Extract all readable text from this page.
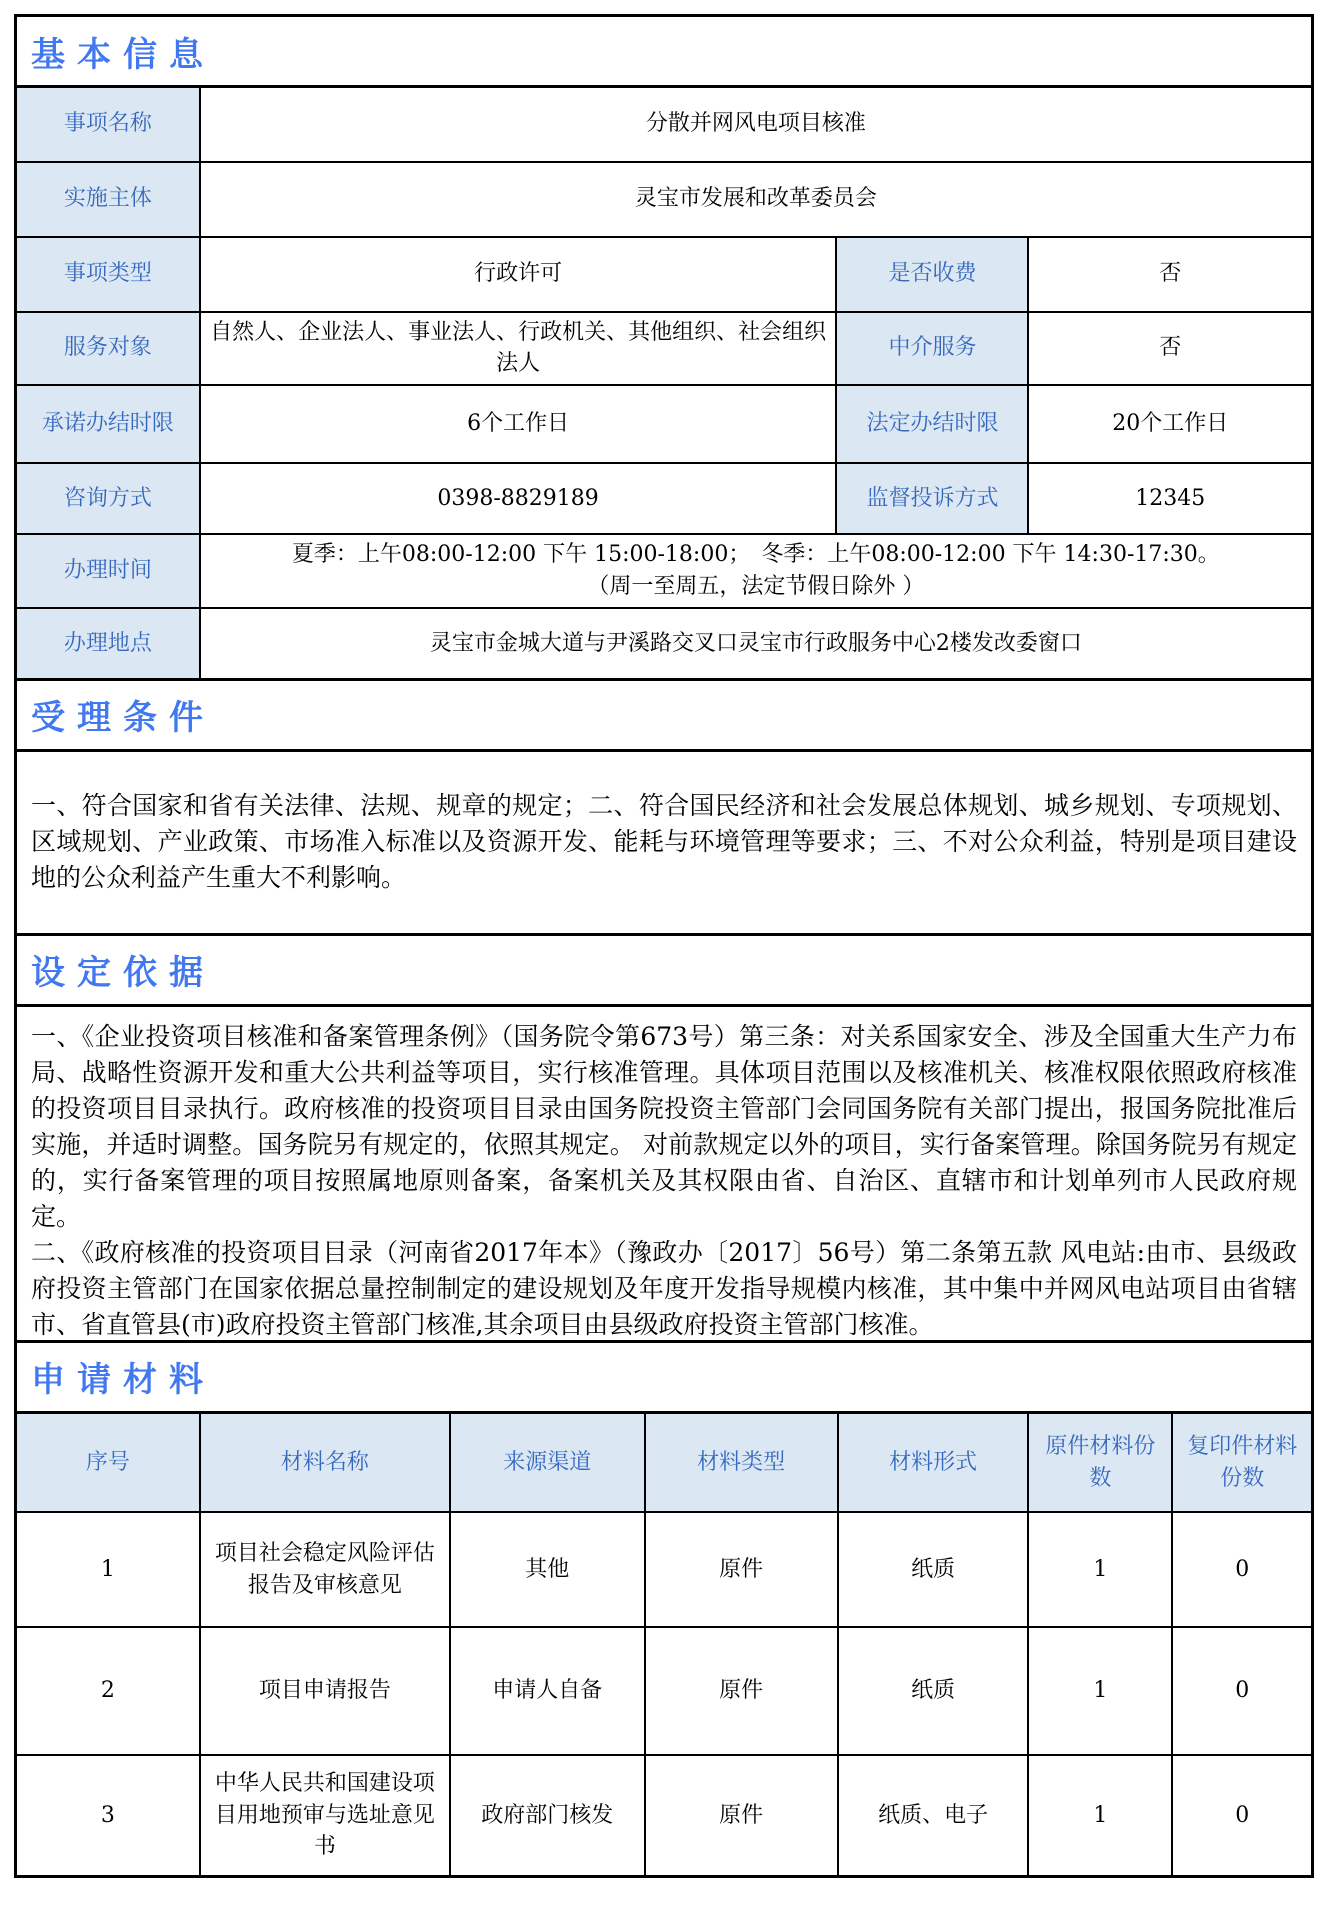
基本信息
事项名称	分散并网风电项目核准		
实施主体	灵宝市发展和改革委员会		
事项类型	行政许可	是否收费	否
服务对象	自然人、企业法人、事业法人、行政机关、其他组织、社会组织法人	中介服务	否
承诺办结时限	6个工作日	法定办结时限	20个工作日
咨询方式	0398-8829189	监督投诉方式	12345
办理时间	夏季：上午08:00-12:00 下午 15:00-18:00；　冬季：上午08:00-12:00 下午 14:30-17:30。
（周一至周五，法定节假日除外 ）		

办理地点	灵宝市金城大道与尹溪路交叉口灵宝市行政服务中心2楼发改委窗口		
受理条件

一、符合国家和省有关法律、法规、规章的规定；二、符合国民经济和社会发展总体规划、城乡规划、专项规划、区域规划、产业政策、市场准入标准以及资源开发、能耗与环境管理等要求；三、不对公众利益，特别是项目建设地的公众利益产生重大不利影响。

设定依据

一、《企业投资项目核准和备案管理条例》（国务院令第673号）第三条：对关系国家安全、涉及全国重大生产力布局、战略性资源开发和重大公共利益等项目，实行核准管理。具体项目范围以及核准机关、核准权限依照政府核准的投资项目目录执行。政府核准的投资项目目录由国务院投资主管部门会同国务院有关部门提出，报国务院批准后实施，并适时调整。国务院另有规定的，依照其规定。 对前款规定以外的项目，实行备案管理。除国务院另有规定的，实行备案管理的项目按照属地原则备案，备案机关及其权限由省、自治区、直辖市和计划单列市人民政府规定。

二、《政府核准的投资项目目录（河南省2017年本》（豫政办〔2017〕56号）第二条第五款 风电站:由市、县级政府投资主管部门在国家依据总量控制制定的建设规划及年度开发指导规模内核准，其中集中并网风电站项目由省辖市、省直管县(市)政府投资主管部门核准,其余项目由县级政府投资主管部门核准。

申请材料
序号	材料名称	来源渠道	材料类型	材料形式	原件材料份数	复印件材料份数
1	项目社会稳定风险评估报告及审核意见	其他	原件	纸质	1	0
2	项目申请报告	申请人自备	原件	纸质	1	0
3	中华人民共和国建设项目用地预审与选址意见书	政府部门核发	原件	纸质、电子	1	0
